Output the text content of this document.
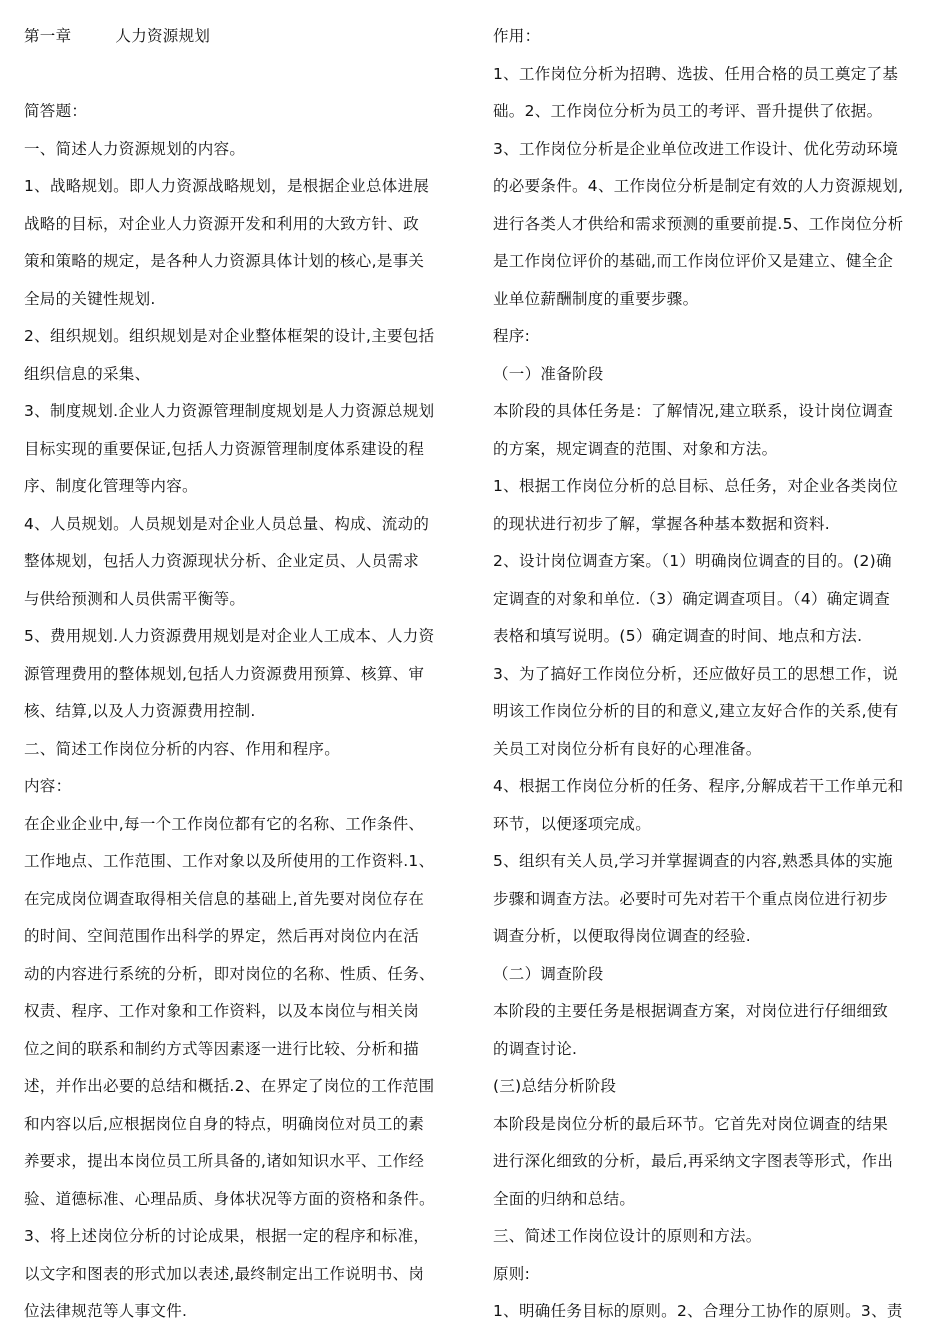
第一章	人力资源规划
简答题：
一、简述人力资源规划的内容。
1、战略规划。即人力资源战略规划，是根据企业总体进展
战略的目标，对企业人力资源开发和利用的大致方针、政
策和策略的规定，是各种人力资源具体计划的核心,是事关
全局的关键性规划.
2、组织规划。组织规划是对企业整体框架的设计,主要包括
组织信息的采集、
3、制度规划.企业人力资源管理制度规划是人力资源总规划
目标实现的重要保证,包括人力资源管理制度体系建设的程
序、制度化管理等内容。
4、人员规划。人员规划是对企业人员总量、构成、流动的
整体规划，包括人力资源现状分析、企业定员、人员需求
与供给预测和人员供需平衡等。
5、费用规划.人力资源费用规划是对企业人工成本、人力资
源管理费用的整体规划,包括人力资源费用预算、核算、审
核、结算,以及人力资源费用控制.
二、简述工作岗位分析的内容、作用和程序。
内容：
在企业企业中,每一个工作岗位都有它的名称、工作条件、
工作地点、工作范围、工作对象以及所使用的工作资料.1、
在完成岗位调查取得相关信息的基础上,首先要对岗位存在
的时间、空间范围作出科学的界定，然后再对岗位内在活
动的内容进行系统的分析，即对岗位的名称、性质、任务、
权责、程序、工作对象和工作资料，以及本岗位与相关岗
位之间的联系和制约方式等因素逐一进行比较、分析和描
述，并作出必要的总结和概括.2、在界定了岗位的工作范围
和内容以后,应根据岗位自身的特点，明确岗位对员工的素
养要求，提出本岗位员工所具备的,诸如知识水平、工作经
验、道德标准、心理品质、身体状况等方面的资格和条件。
3、将上述岗位分析的讨论成果，根据一定的程序和标准，
以文字和图表的形式加以表述,最终制定出工作说明书、岗
位法律规范等人事文件.
作用：
1、工作岗位分析为招聘、选拔、任用合格的员工奠定了基
础。2、工作岗位分析为员工的考评、晋升提供了依据。
3、工作岗位分析是企业单位改进工作设计、优化劳动环境
的必要条件。4、工作岗位分析是制定有效的人力资源规划,
进行各类人才供给和需求预测的重要前提.5、工作岗位分析
是工作岗位评价的基础,而工作岗位评价又是建立、健全企
业单位薪酬制度的重要步骤。
程序:
（一）准备阶段
本阶段的具体任务是：了解情况,建立联系，设计岗位调查
的方案，规定调查的范围、对象和方法。
1、根据工作岗位分析的总目标、总任务，对企业各类岗位
的现状进行初步了解，掌握各种基本数据和资料.
2、设计岗位调查方案。（1）明确岗位调查的目的。(2)确
定调查的对象和单位.（3）确定调查项目。（4）确定调查
表格和填写说明。(5）确定调查的时间、地点和方法.
3、为了搞好工作岗位分析，还应做好员工的思想工作，说
明该工作岗位分析的目的和意义,建立友好合作的关系,使有
关员工对岗位分析有良好的心理准备。
4、根据工作岗位分析的任务、程序,分解成若干工作单元和
环节，以便逐项完成。
5、组织有关人员,学习并掌握调查的内容,熟悉具体的实施
步骤和调查方法。必要时可先对若干个重点岗位进行初步
调查分析，以便取得岗位调查的经验.
（二）调查阶段
本阶段的主要任务是根据调查方案，对岗位进行仔细细致
的调查讨论.
(三)总结分析阶段
本阶段是岗位分析的最后环节。它首先对岗位调查的结果
进行深化细致的分析，最后,再采纳文字图表等形式，作出
全面的归纳和总结。
三、简述工作岗位设计的原则和方法。
原则:
1、明确任务目标的原则。2、合理分工协作的原则。3、责
